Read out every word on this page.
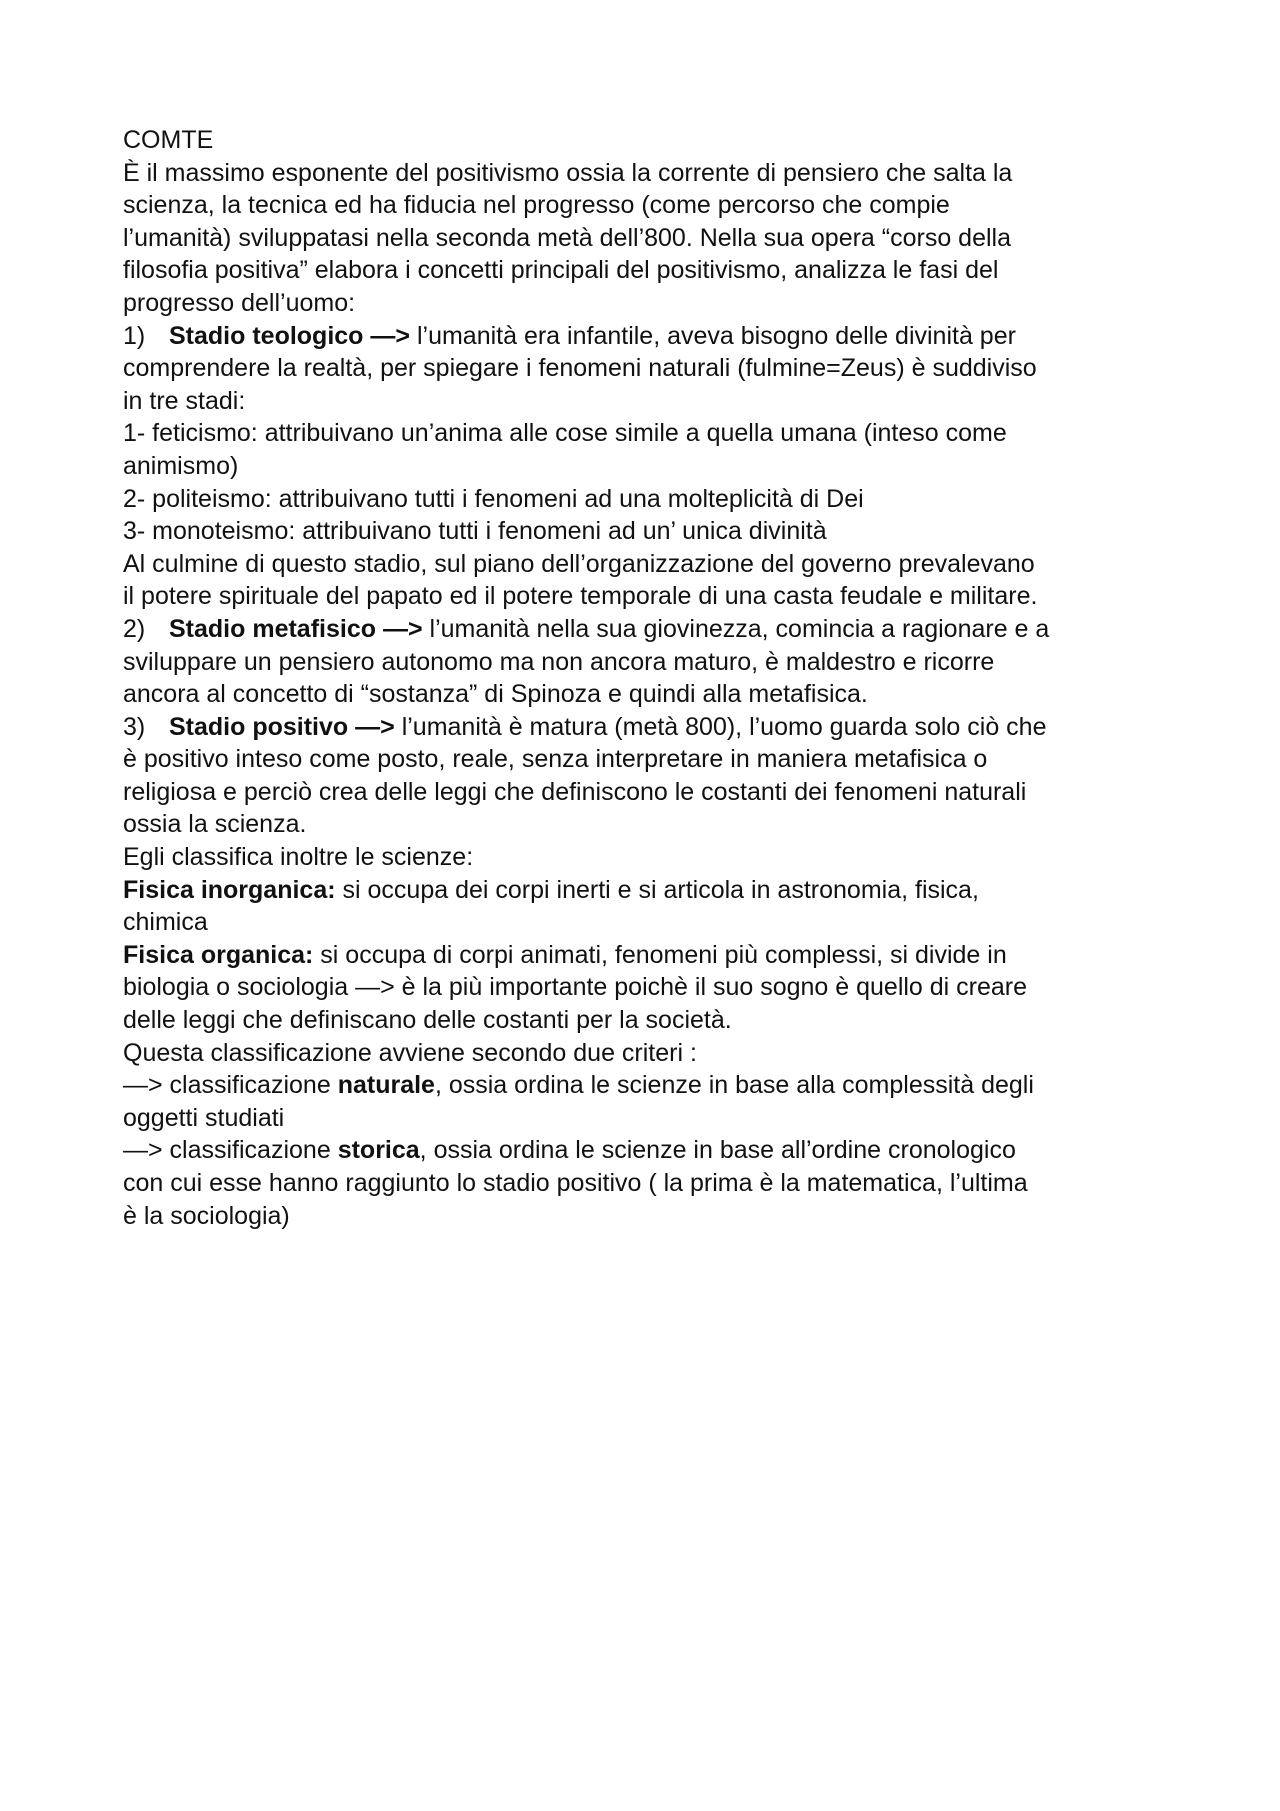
COMTE
È il massimo esponente del positivismo ossia la corrente di pensiero che salta la
scienza, la tecnica ed ha fiducia nel progresso (come percorso che compie
l’umanità) sviluppatasi nella seconda metà dell’800. Nella sua opera “corso della
filosofia positiva” elabora i concetti principali del positivismo, analizza le fasi del
progresso dell’uomo:
1) Stadio teologico —> l’umanità era infantile, aveva bisogno delle divinità per
comprendere la realtà, per spiegare i fenomeni naturali (fulmine=Zeus) è suddiviso
in tre stadi:
1- feticismo: attribuivano un’anima alle cose simile a quella umana (inteso come
animismo)
2- politeismo: attribuivano tutti i fenomeni ad una molteplicità di Dei
3- monoteismo: attribuivano tutti i fenomeni ad un’ unica divinità
Al culmine di questo stadio, sul piano dell’organizzazione del governo prevalevano
il potere spirituale del papato ed il potere temporale di una casta feudale e militare.
2) Stadio metafisico —> l’umanità nella sua giovinezza, comincia a ragionare e a
sviluppare un pensiero autonomo ma non ancora maturo, è maldestro e ricorre
ancora al concetto di “sostanza” di Spinoza e quindi alla metafisica.
3) Stadio positivo —> l’umanità è matura (metà 800), l’uomo guarda solo ciò che
è positivo inteso come posto, reale, senza interpretare in maniera metafisica o
religiosa e perciò crea delle leggi che definiscono le costanti dei fenomeni naturali
ossia la scienza.
Egli classifica inoltre le scienze:
Fisica inorganica: si occupa dei corpi inerti e si articola in astronomia, fisica,
chimica
Fisica organica: si occupa di corpi animati, fenomeni più complessi, si divide in
biologia o sociologia —> è la più importante poichè il suo sogno è quello di creare
delle leggi che definiscano delle costanti per la società.
Questa classificazione avviene secondo due criteri :
—> classificazione naturale, ossia ordina le scienze in base alla complessità degli
oggetti studiati
—> classificazione storica, ossia ordina le scienze in base all’ordine cronologico
con cui esse hanno raggiunto lo stadio positivo ( la prima è la matematica, l’ultima
è la sociologia)
